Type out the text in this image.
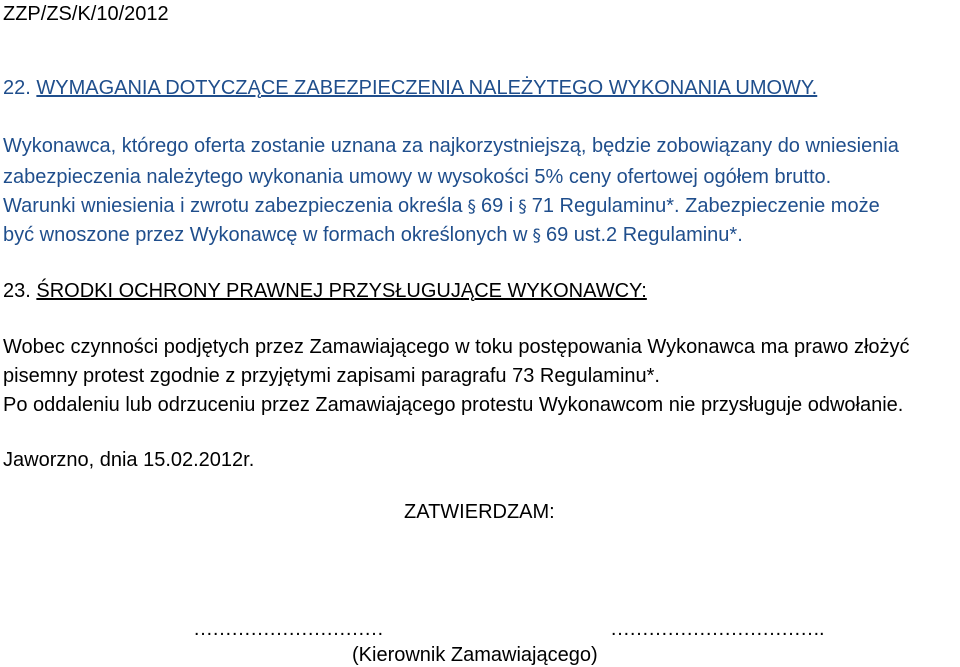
ZZP/ZS/K/10/2012
22. WYMAGANIA DOTYCZĄCE ZABEZPIECZENIA NALEŻYTEGO WYKONANIA UMOWY.
Wykonawca, którego oferta zostanie uznana za najkorzystniejszą, będzie zobowiązany do wniesienia
zabezpieczenia należytego wykonania umowy w wysokości 5% ceny ofertowej ogółem brutto.
Warunki wniesienia i zwrotu zabezpieczenia określa § 69 i § 71 Regulaminu*. Zabezpieczenie może
być wnoszone przez Wykonawcę w formach określonych w § 69 ust.2 Regulaminu*.
23. ŚRODKI OCHRONY PRAWNEJ PRZYSŁUGUJĄCE WYKONAWCY:
Wobec czynności podjętych przez Zamawiającego w toku postępowania Wykonawca ma prawo złożyć
pisemny protest zgodnie z przyjętymi zapisami paragrafu 73 Regulaminu*.
Po oddaleniu lub odrzuceniu przez Zamawiającego protestu Wykonawcom nie przysługuje odwołanie.
Jaworzno, dnia 15.02.2012r.
ZATWIERDZAM:
…………………………	…………………………….
(Kierownik Zamawiającego)
